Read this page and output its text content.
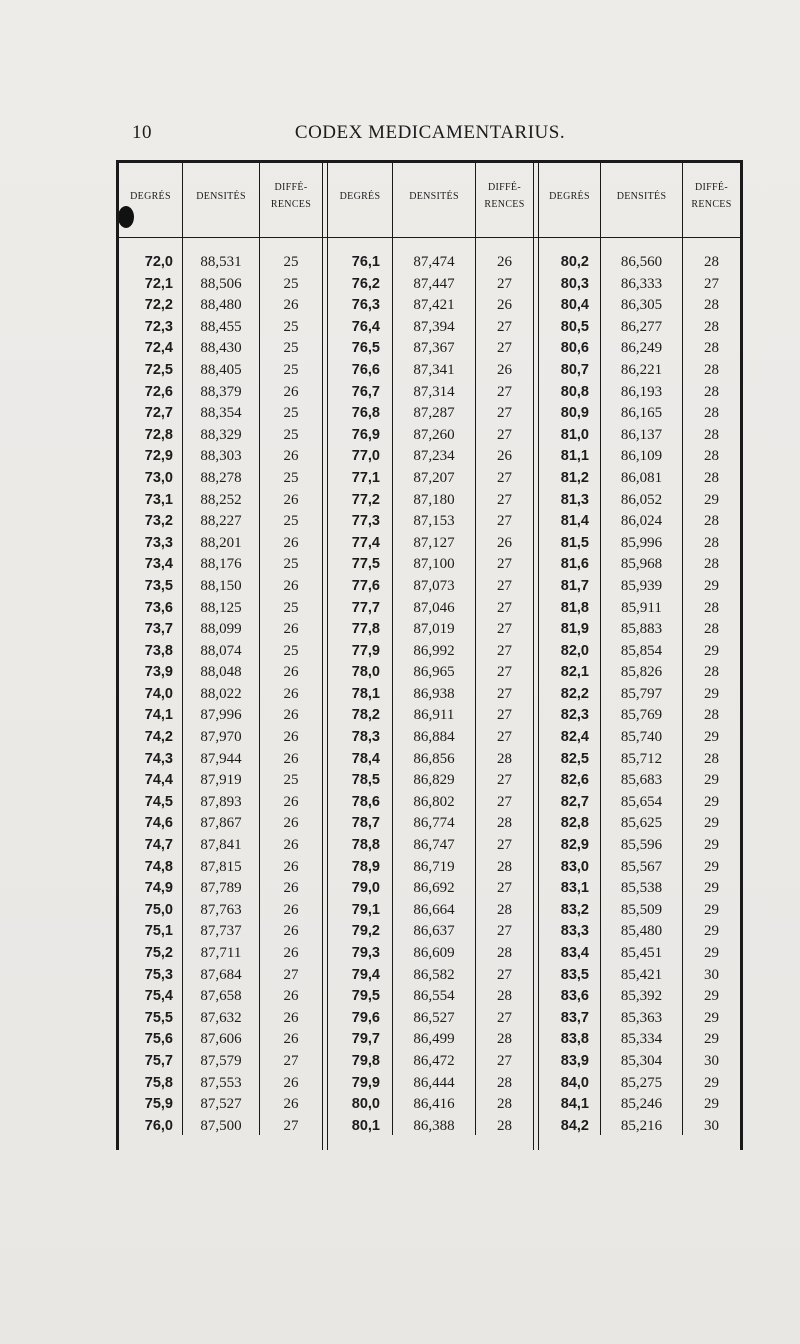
10	CODEX MEDICAMENTARIUS.
DEGRÉS	DENSITÉS
DIFFÉ-
RENCES
DEGRÉS	DENSITÉS
DIFFÉ-
RENCES
DEGRÉS	DENSITÉS
DIFFÉ-
RENCES
72,0	88,531	25	76,1	87,474	26	80,2	86,560	28
72,1	88,506	25	76,2	87,447	27	80,3	86,333	27
72,2	88,480	26	76,3	87,421	26	80,4	86,305	28
72,3	88,455	25	76,4	87,394	27	80,5	86,277	28
72,4	88,430	25	76,5	87,367	27	80,6	86,249	28
72,5	88,405	25	76,6	87,341	26	80,7	86,221	28
72,6	88,379	26	76,7	87,314	27	80,8	86,193	28
72,7	88,354	25	76,8	87,287	27	80,9	86,165	28
72,8	88,329	25	76,9	87,260	27	81,0	86,137	28
72,9	88,303	26	77,0	87,234	26	81,1	86,109	28
73,0	88,278	25	77,1	87,207	27	81,2	86,081	28
73,1	88,252	26	77,2	87,180	27	81,3	86,052	29
73,2	88,227	25	77,3	87,153	27	81,4	86,024	28
73,3	88,201	26	77,4	87,127	26	81,5	85,996	28
73,4	88,176	25	77,5	87,100	27	81,6	85,968	28
73,5	88,150	26	77,6	87,073	27	81,7	85,939	29
73,6	88,125	25	77,7	87,046	27	81,8	85,911	28
73,7	88,099	26	77,8	87,019	27	81,9	85,883	28
73,8	88,074	25	77,9	86,992	27	82,0	85,854	29
73,9	88,048	26	78,0	86,965	27	82,1	85,826	28
74,0	88,022	26	78,1	86,938	27	82,2	85,797	29
74,1	87,996	26	78,2	86,911	27	82,3	85,769	28
74,2	87,970	26	78,3	86,884	27	82,4	85,740	29
74,3	87,944	26	78,4	86,856	28	82,5	85,712	28
74,4	87,919	25	78,5	86,829	27	82,6	85,683	29
74,5	87,893	26	78,6	86,802	27	82,7	85,654	29
74,6	87,867	26	78,7	86,774	28	82,8	85,625	29
74,7	87,841	26	78,8	86,747	27	82,9	85,596	29
74,8	87,815	26	78,9	86,719	28	83,0	85,567	29
74,9	87,789	26	79,0	86,692	27	83,1	85,538	29
75,0	87,763	26	79,1	86,664	28	83,2	85,509	29
75,1	87,737	26	79,2	86,637	27	83,3	85,480	29
75,2	87,711	26	79,3	86,609	28	83,4	85,451	29
75,3	87,684	27	79,4	86,582	27	83,5	85,421	30
75,4	87,658	26	79,5	86,554	28	83,6	85,392	29
75,5	87,632	26	79,6	86,527	27	83,7	85,363	29
75,6	87,606	26	79,7	86,499	28	83,8	85,334	29
75,7	87,579	27	79,8	86,472	27	83,9	85,304	30
75,8	87,553	26	79,9	86,444	28	84,0	85,275	29
75,9	87,527	26	80,0	86,416	28	84,1	85,246	29
76,0	87,500	27	80,1	86,388	28	84,2	85,216	30
